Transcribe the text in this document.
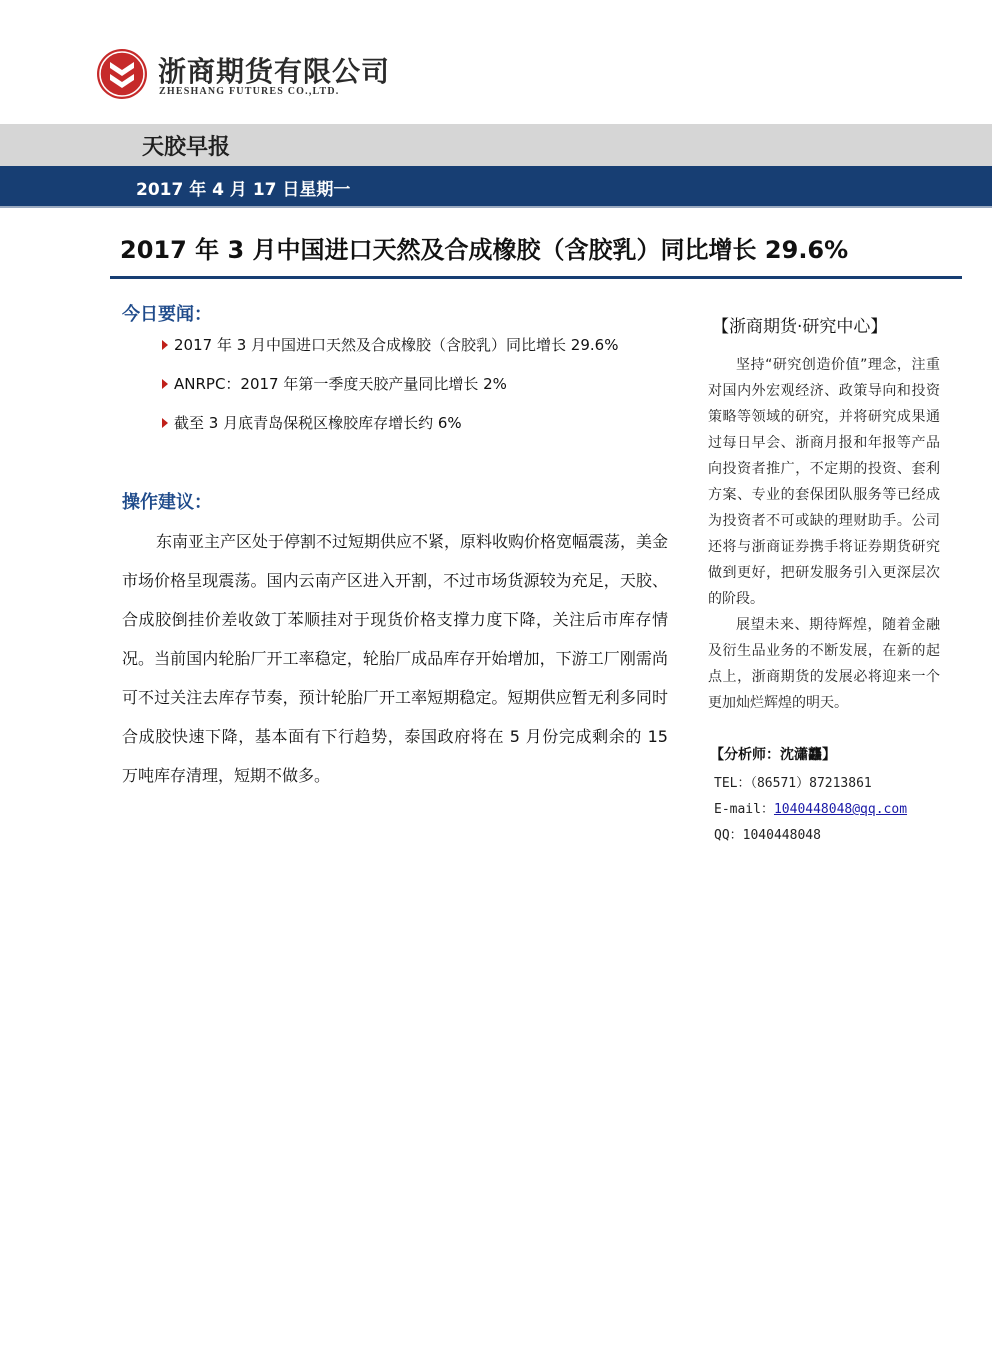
浙商期货有限公司
ZHESHANG FUTURES CO.,LTD.
天胶早报
2017 年 4 月 17 日星期一
2017 年 3 月中国进口天然及合成橡胶（含胶乳）同比增长 29.6%
今日要闻：
2017 年 3 月中国进口天然及合成橡胶（含胶乳）同比增长 29.6%
ANRPC：2017 年第一季度天胶产量同比增长 2%
截至 3 月底青岛保税区橡胶库存增长约 6%
操作建议：

东南亚主产区处于停割不过短期供应不紧，原料收购价格宽幅震荡，美金市场价格呈现震荡。国内云南产区进入开割，不过市场货源较为充足，天胶、合成胶倒挂价差收敛丁苯顺挂对于现货价格支撑力度下降，关注后市库存情况。当前国内轮胎厂开工率稳定，轮胎厂成品库存开始增加，下游工厂刚需尚可不过关注去库存节奏，预计轮胎厂开工率短期稳定。短期供应暂无利多同时合成胶快速下降，基本面有下行趋势，泰国政府将在 5 月份完成剩余的 15 万吨库存清理，短期不做多。

【浙商期货·研究中心】

坚持“研究创造价值”理念，注重对国内外宏观经济、政策导向和投资策略等领域的研究，并将研究成果通过每日早会、浙商月报和年报等产品向投资者推广，不定期的投资、套利方案、专业的套保团队服务等已经成为投资者不可或缺的理财助手。公司还将与浙商证券携手将证券期货研究做到更好，把研发服务引入更深层次的阶段。

展望未来、期待辉煌，随着金融及衍生品业务的不断发展，在新的起点上，浙商期货的发展必将迎来一个更加灿烂辉煌的明天。

【分析师：沈瀟龘】
TEL：（86571）87213861
E-mail：1040448048@qq.com
QQ：1040448048
